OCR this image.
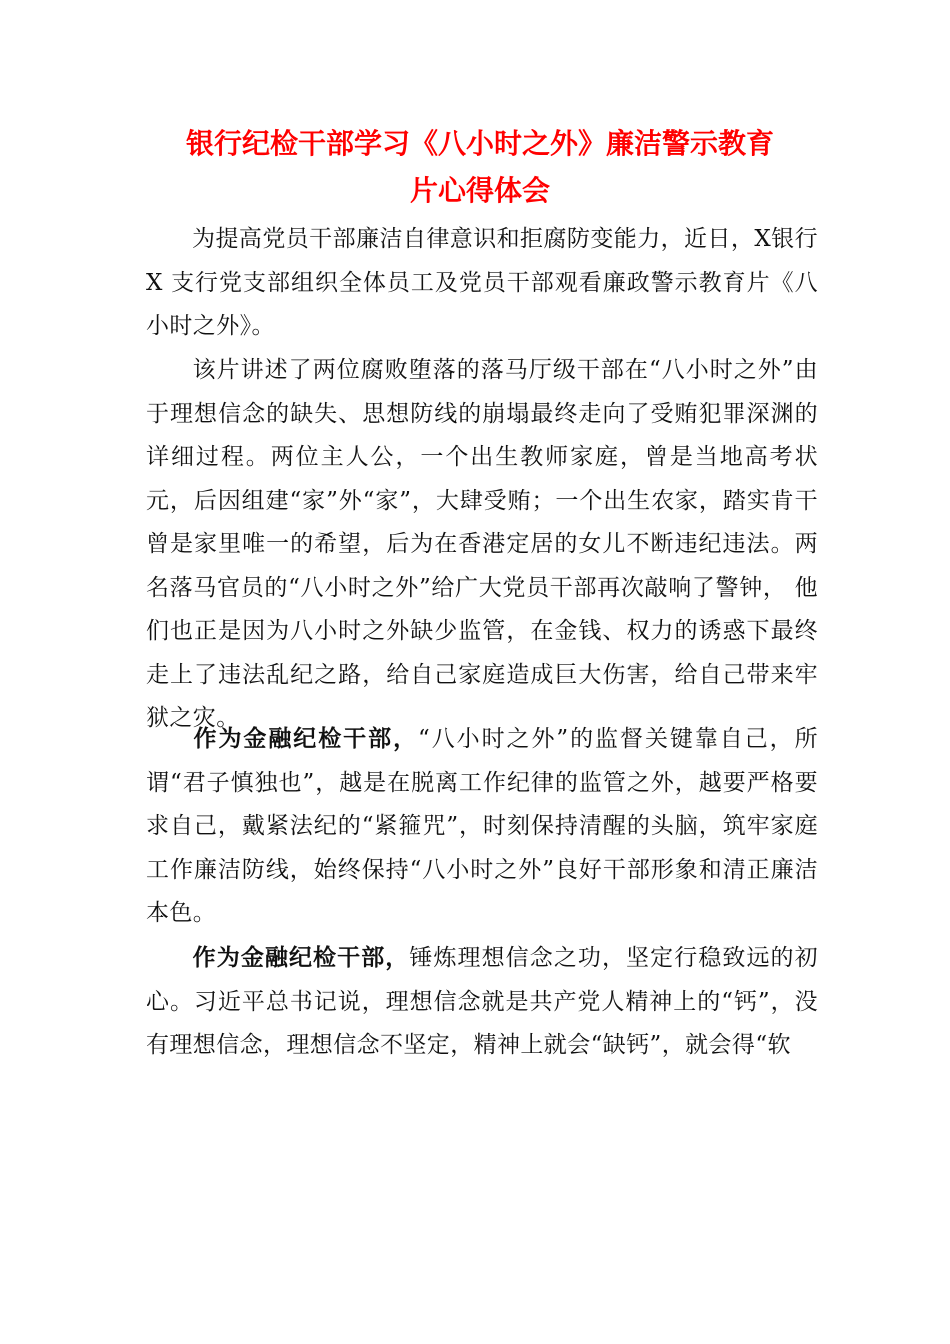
银行纪检干部学习《八小时之外》廉洁警示教育
片心得体会

为提高党员干部廉洁自律意识和拒腐防变能力，近日，X银行 X 支行党支部组织全体员工及党员干部观看廉政警示教育片《八小时之外》。

该片讲述了两位腐败堕落的落马厅级干部在“八小时之外”由于理想信念的缺失、思想防线的崩塌最终走向了受贿犯罪深渊的详细过程。两位主人公，一个出生教师家庭，曾是当地高考状元，后因组建“家”外“家”，大肆受贿；一个出生农家，踏实肯干曾是家里唯一的希望，后为在香港定居的女儿不断违纪违法。两名落马官员的“八小时之外”给广大党员干部再次敲响了警钟， 他们也正是因为八小时之外缺少监管，在金钱、权力的诱惑下最终走上了违法乱纪之路，给自己家庭造成巨大伤害，给自己带来牢狱之灾。

作为金融纪检干部，“八小时之外”的监督关键靠自己，所谓“君子慎独也”，越是在脱离工作纪律的监管之外，越要严格要求自己，戴紧法纪的“紧箍咒”，时刻保持清醒的头脑，筑牢家庭工作廉洁防线，始终保持“八小时之外”良好干部形象和清正廉洁本色。

作为金融纪检干部，锤炼理想信念之功，坚定行稳致远的初心。习近平总书记说，理想信念就是共产党人精神上的“钙”，没有理想信念，理想信念不坚定，精神上就会“缺钙”，就会得“软
